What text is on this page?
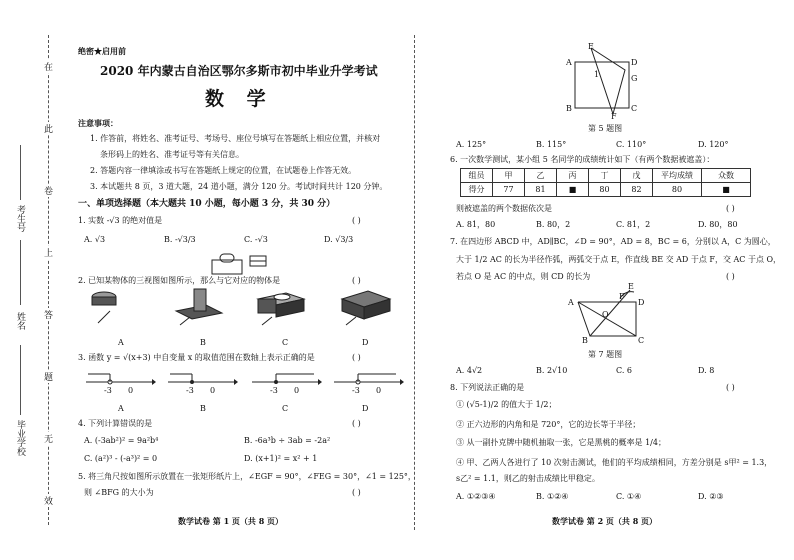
在
此
卷
上
答
题
无
效
考生号
姓名
毕业学校
绝密★启用前
2020 年内蒙古自治区鄂尔多斯市初中毕业升学考试
数 学
注意事项：
1. 作答前，将姓名、准考证号、考场号、座位号填写在答题纸上相应位置，并核对
条形码上的姓名、准考证号等有关信息。
2. 答题内容一律填涂或书写在答题纸上规定的位置，在试题卷上作答无效。
3. 本试题共 8 页，3 道大题，24 道小题，满分 120 分。考试时间共计 120 分钟。
一、单项选择题（本大题共 10 小题，每小题 3 分，共 30 分）
1. 实数 -√3 的绝对值是	( )
A. √3	B. -√3/3	C. -√3	D. √3/3
2. 已知某物体的三视图如图所示，那么与它对应的物体是	( )
A	B	C	D
3. 函数 y = √(x+3) 中自变量 x 的取值范围在数轴上表示正确的是	( )
-3 0	-3 0	-3 0	-3 0
A	B	C	D
4. 下列计算错误的是	( )
A. (-3ab²)² = 9a²b⁴	B. -6a³b ÷ 3ab = -2a²
C. (a²)³ - (-a³)² = 0	D. (x+1)² = x² + 1
5. 将三角尺按如图所示放置在一张矩形纸片上，∠EGF = 90°，∠FEG = 30°，∠1 = 125°，
则 ∠BFG 的大小为	( )
数学试卷 第 1 页（共 8 页）
E
A	D
G
B
F
C
1
第 5 题图
A. 125°	B. 115°	C. 110°	D. 120°
6. 一次数学测试，某小组 5 名同学的成绩统计如下（有两个数据被遮盖）：
组员	甲	乙	丙	丁	戊	平均成绩	众数
得分	77	81	■	80	82	80	■
则被遮盖的两个数据依次是	( )
A. 81，80	B. 80，2	C. 81，2	D. 80，80
7. 在四边形 ABCD 中，AD∥BC，∠D = 90°，AD = 8，BC = 6，分别以 A，C 为圆心，
大于 1/2 AC 的长为半径作弧，两弧交于点 E，作直线 BE 交 AD 于点 F，交 AC 于点 O，
若点 O 是 AC 的中点，则 CD 的长为	( )
E
F
A	D
O
B	C
第 7 题图
A. 4√2	B. 2√10	C. 6	D. 8
8. 下列说法正确的是	( )
① (√5-1)/2 的值大于 1/2；
② 正六边形的内角和是 720°，它的边长等于半径；
③ 从一副扑克牌中随机抽取一张，它是黑桃的概率是 1/4；
④ 甲、乙两人各进行了 10 次射击测试，他们的平均成绩相同，方差分别是 s甲² = 1.3，
s乙² = 1.1，则乙的射击成绩比甲稳定。
A. ①②③④	B. ①②④	C. ①④	D. ②③
数学试卷 第 2 页（共 8 页）
